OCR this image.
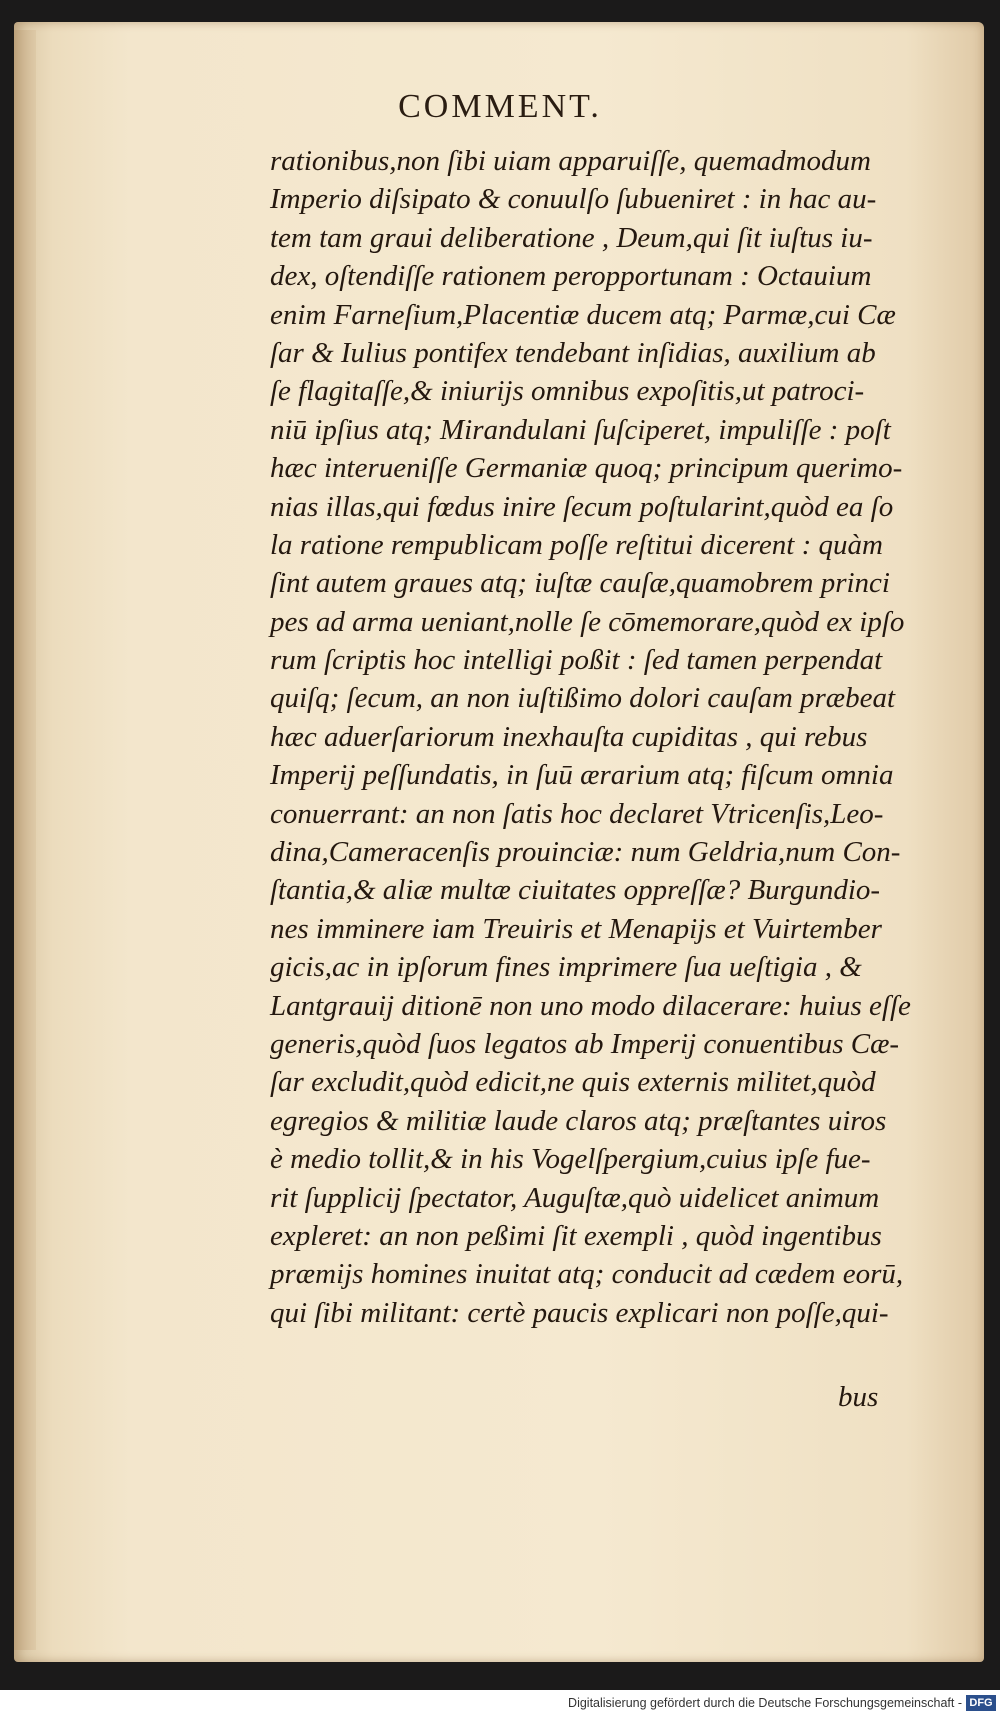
COMMENT.
rationibus,non ſibi uiam apparuiſſe, quemadmodum
Imperio diſsipato & conuulſo ſubueniret : in hac au-
tem tam graui deliberatione , Deum,qui ſit iuſtus iu-
dex, oſtendiſſe rationem peropportunam : Octauium
enim Farneſium,Placentiæ ducem atq; Parmæ,cui Cæ
ſar & Iulius pontifex tendebant inſidias, auxilium ab
ſe flagitaſſe,& iniurijs omnibus expoſitis,ut patroci-
niū ipſius atq; Mirandulani ſuſciperet, impuliſſe : poſt
hæc interueniſſe Germaniæ quoq; principum querimo-
nias illas,qui fœdus inire ſecum poſtularint,quòd ea ſo
la ratione rempublicam poſſe reſtitui dicerent : quàm
ſint autem graues atq; iuſtæ cauſæ,quamobrem princi
pes ad arma ueniant,nolle ſe cōmemorare,quòd ex ipſo
rum ſcriptis hoc intelligi poßit : ſed tamen perpendat
quiſq; ſecum, an non iuſtißimo dolori cauſam præbeat
hæc aduerſariorum inexhauſta cupiditas , qui rebus
Imperij peſſundatis, in ſuū ærarium atq; fiſcum omnia
conuerrant: an non ſatis hoc declaret Vtricenſis,Leo-
dina,Cameracenſis prouinciæ: num Geldria,num Con-
ſtantia,& aliæ multæ ciuitates oppreſſæ? Burgundio-
nes imminere iam Treuiris et Menapijs et Vuirtember
gicis,ac in ipſorum fines imprimere ſua ueſtigia , &
Lantgrauij ditionē non uno modo dilacerare: huius eſſe
generis,quòd ſuos legatos ab Imperij conuentibus Cæ-
ſar excludit,quòd edicit,ne quis externis militet,quòd
egregios & militiæ laude claros atq; præſtantes uiros
è medio tollit,& in his Vogelſpergium,cuius ipſe fue-
rit ſupplicij ſpectator, Auguſtæ,quò uidelicet animum
expleret: an non peßimi ſit exempli , quòd ingentibus
præmijs homines inuitat atq; conducit ad cædem eorū,
qui ſibi militant: certè paucis explicari non poſſe,qui-
bus
Digitalisierung gefördert durch die Deutsche Forschungsgemeinschaft - DFG
